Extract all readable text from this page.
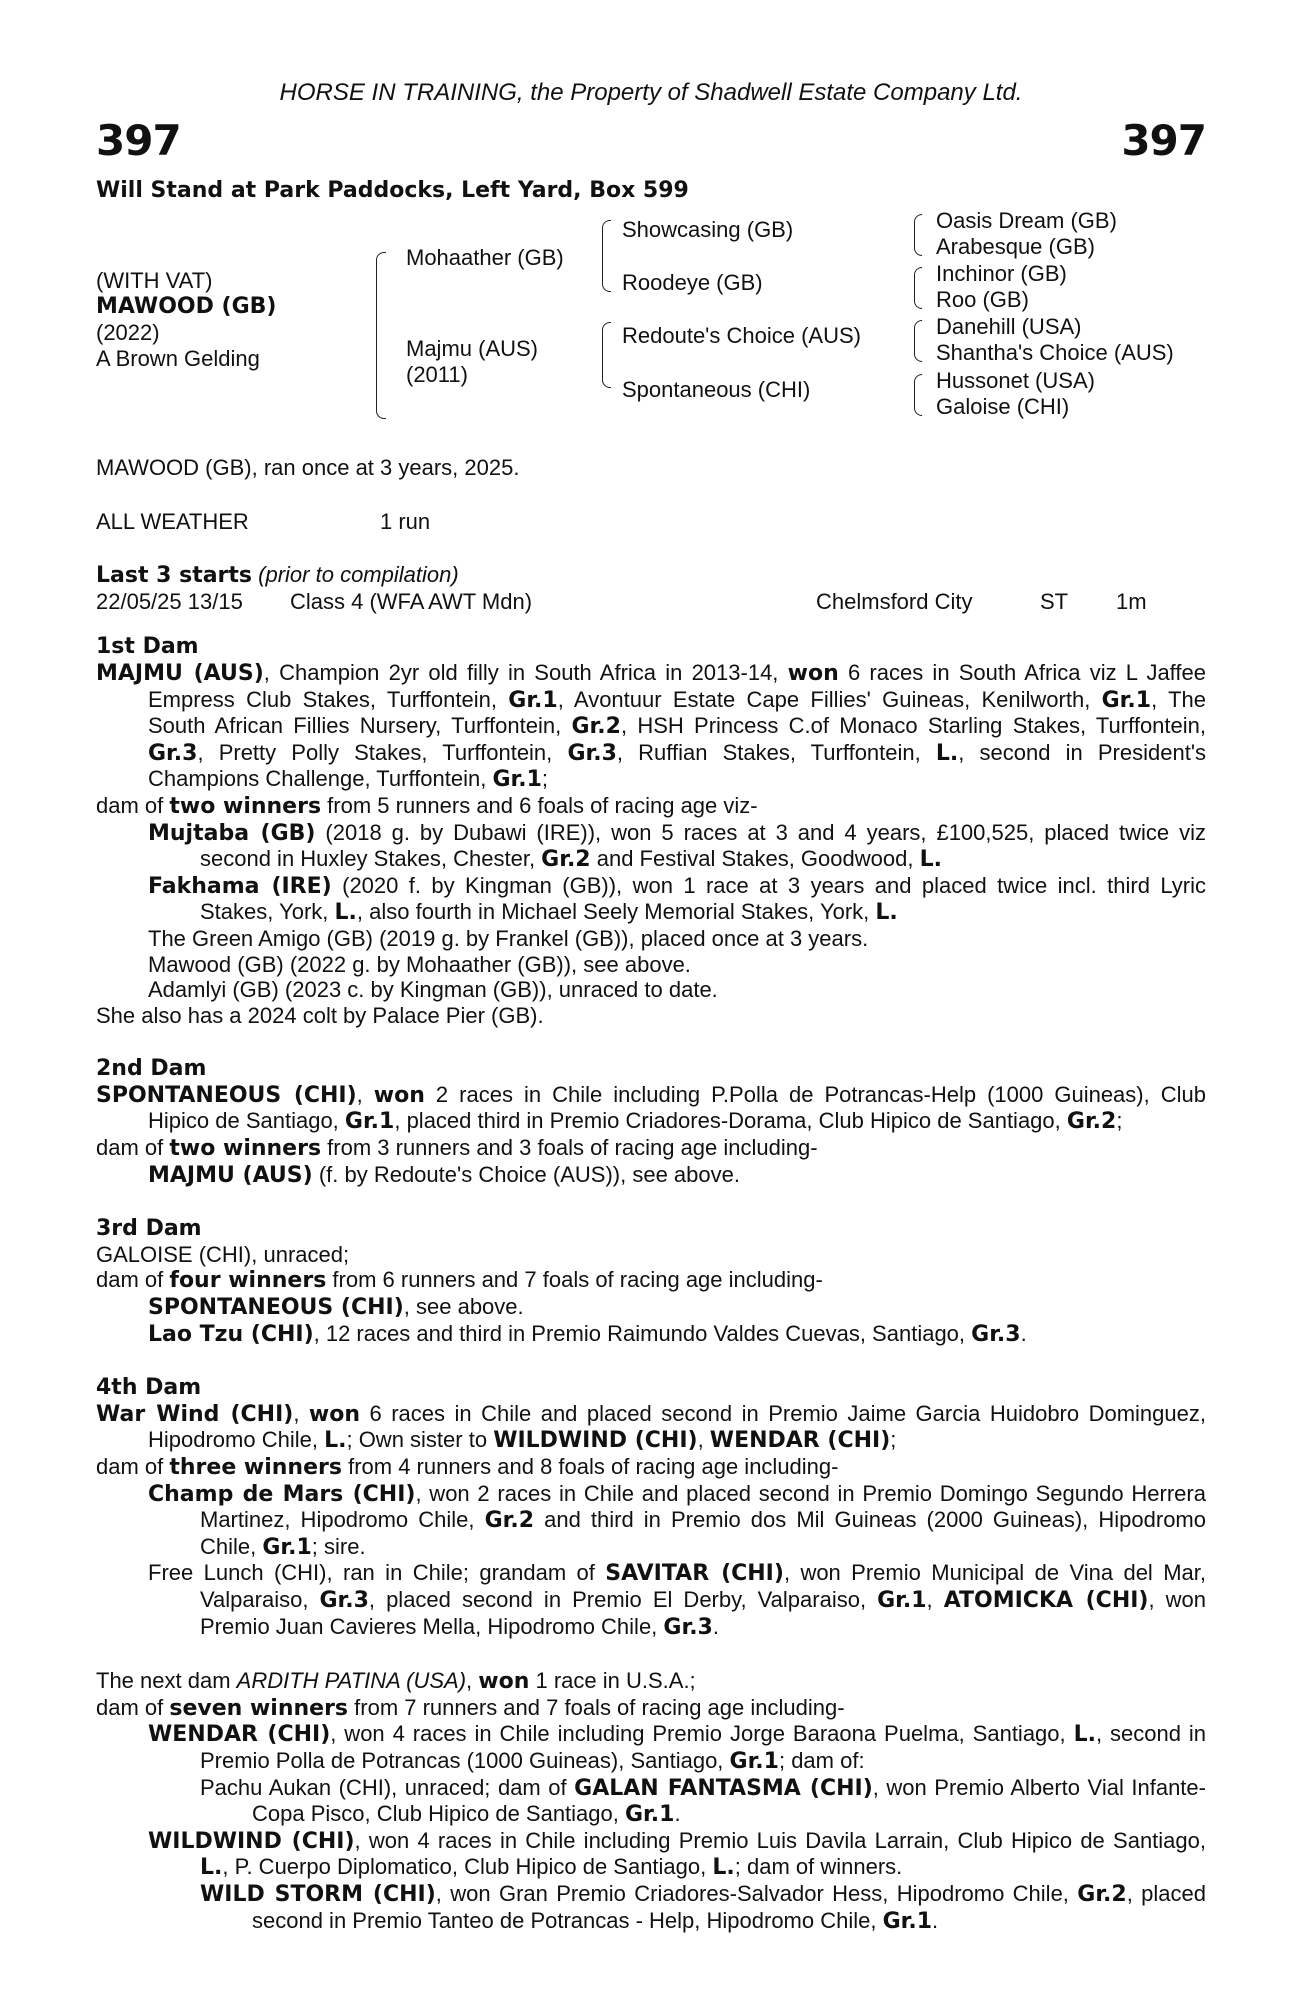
HORSE IN TRAINING, the Property of Shadwell Estate Company Ltd.

397	397
Will Stand at Park Paddocks, Left Yard, Box 599
(WITH VAT)
MAWOOD (GB)
(2022)
A Brown Gelding
Mohaather (GB)
Majmu (AUS)
(2011)
Showcasing (GB)
Roodeye (GB)
Redoute's Choice (AUS)
Spontaneous (CHI)
Oasis Dream (GB)
Arabesque (GB)
Inchinor (GB)
Roo (GB)
Danehill (USA)
Shantha's Choice (AUS)
Hussonet (USA)
Galoise (CHI)

MAWOOD (GB), ran once at 3 years, 2025.

ALL WEATHER	1 run

Last 3 starts (prior to compilation)

22/05/25 13/15	Class 4 (WFA AWT Mdn)	Chelmsford City	ST	1m

1st Dam

MAJMU (AUS), Champion 2yr old filly in South Africa in 2013-14, won 6 races in South Africa viz L Jaffee Empress Club Stakes, Turffontein, Gr.1, Avontuur Estate Cape Fillies' Guineas, Kenilworth, Gr.1, The South African Fillies Nursery, Turffontein, Gr.2, HSH Princess C.of Monaco Starling Stakes, Turffontein, Gr.3, Pretty Polly Stakes, Turffontein, Gr.3, Ruffian Stakes, Turffontein, L., second in President's Champions Challenge, Turffontein, Gr.1;

dam of two winners from 5 runners and 6 foals of racing age viz-

Mujtaba (GB) (2018 g. by Dubawi (IRE)), won 5 races at 3 and 4 years, £100,525, placed twice viz second in Huxley Stakes, Chester, Gr.2 and Festival Stakes, Goodwood, L.

Fakhama (IRE) (2020 f. by Kingman (GB)), won 1 race at 3 years and placed twice incl. third Lyric Stakes, York, L., also fourth in Michael Seely Memorial Stakes, York, L.

The Green Amigo (GB) (2019 g. by Frankel (GB)), placed once at 3 years.

Mawood (GB) (2022 g. by Mohaather (GB)), see above.

Adamlyi (GB) (2023 c. by Kingman (GB)), unraced to date.

She also has a 2024 colt by Palace Pier (GB).

2nd Dam

SPONTANEOUS (CHI), won 2 races in Chile including P.Polla de Potrancas-Help (1000 Guineas), Club Hipico de Santiago, Gr.1, placed third in Premio Criadores-Dorama, Club Hipico de Santiago, Gr.2;

dam of two winners from 3 runners and 3 foals of racing age including-

MAJMU (AUS) (f. by Redoute's Choice (AUS)), see above.

3rd Dam

GALOISE (CHI), unraced;

dam of four winners from 6 runners and 7 foals of racing age including-

SPONTANEOUS (CHI), see above.

Lao Tzu (CHI), 12 races and third in Premio Raimundo Valdes Cuevas, Santiago, Gr.3.

4th Dam

War Wind (CHI), won 6 races in Chile and placed second in Premio Jaime Garcia Huidobro Dominguez, Hipodromo Chile, L.; Own sister to WILDWIND (CHI), WENDAR (CHI);

dam of three winners from 4 runners and 8 foals of racing age including-

Champ de Mars (CHI), won 2 races in Chile and placed second in Premio Domingo Segundo Herrera Martinez, Hipodromo Chile, Gr.2 and third in Premio dos Mil Guineas (2000 Guineas), Hipodromo Chile, Gr.1; sire.

Free Lunch (CHI), ran in Chile; grandam of SAVITAR (CHI), won Premio Municipal de Vina del Mar, Valparaiso, Gr.3, placed second in Premio El Derby, Valparaiso, Gr.1, ATOMICKA (CHI), won Premio Juan Cavieres Mella, Hipodromo Chile, Gr.3.

The next dam ARDITH PATINA (USA), won 1 race in U.S.A.;

dam of seven winners from 7 runners and 7 foals of racing age including-

WENDAR (CHI), won 4 races in Chile including Premio Jorge Baraona Puelma, Santiago, L., second in Premio Polla de Potrancas (1000 Guineas), Santiago, Gr.1; dam of:

Pachu Aukan (CHI), unraced; dam of GALAN FANTASMA (CHI), won Premio Alberto Vial Infante-Copa Pisco, Club Hipico de Santiago, Gr.1.

WILDWIND (CHI), won 4 races in Chile including Premio Luis Davila Larrain, Club Hipico de Santiago, L., P. Cuerpo Diplomatico, Club Hipico de Santiago, L.; dam of winners.

WILD STORM (CHI), won Gran Premio Criadores-Salvador Hess, Hipodromo Chile, Gr.2, placed second in Premio Tanteo de Potrancas - Help, Hipodromo Chile, Gr.1.
